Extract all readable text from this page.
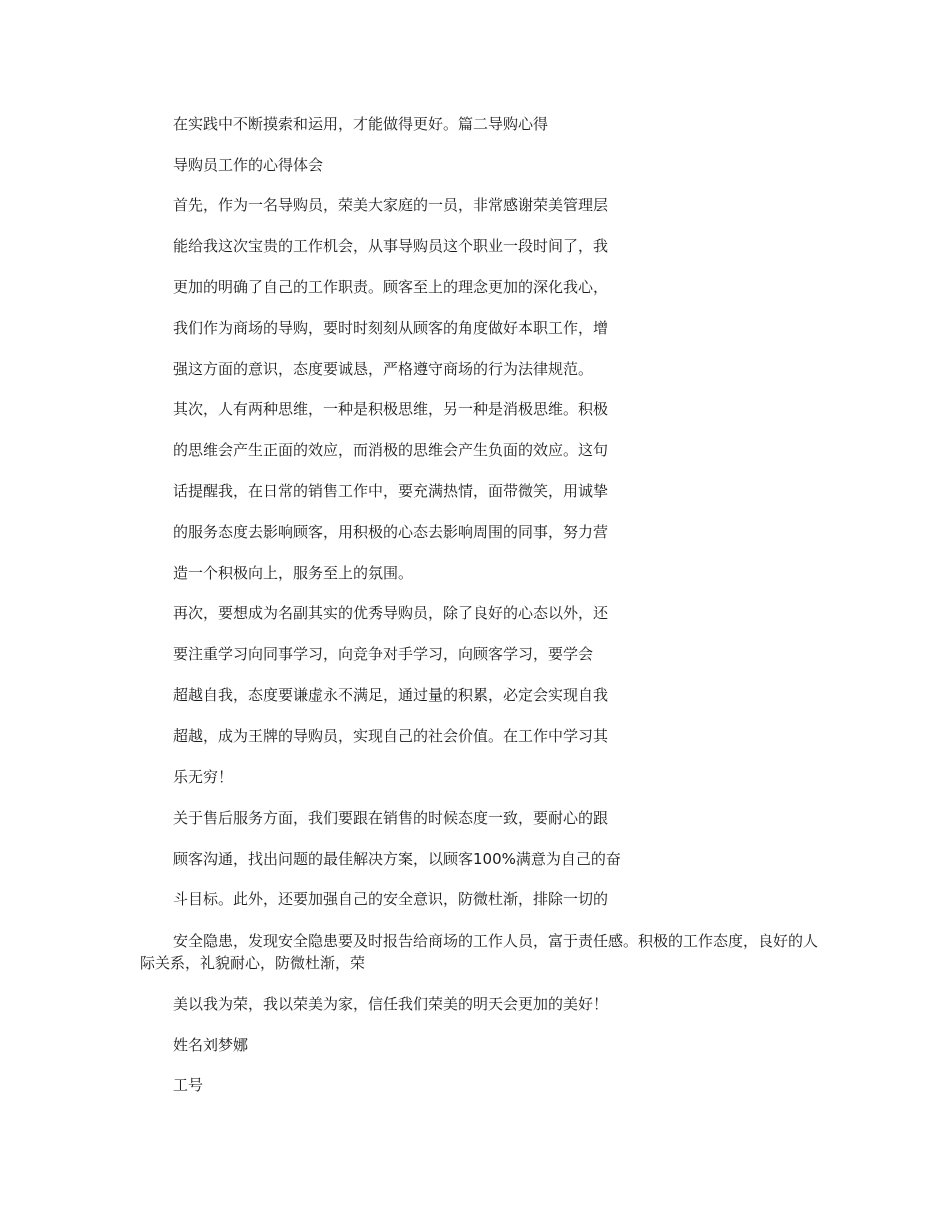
在实践中不断摸索和运用，才能做得更好。篇二导购心得
导购员工作的心得体会
首先，作为一名导购员，荣美大家庭的一员，非常感谢荣美管理层
能给我这次宝贵的工作机会，从事导购员这个职业一段时间了，我
更加的明确了自己的工作职责。顾客至上的理念更加的深化我心，
我们作为商场的导购，要时时刻刻从顾客的角度做好本职工作，增
强这方面的意识，态度要诚恳，严格遵守商场的行为法律规范。
其次，人有两种思维，一种是积极思维，另一种是消极思维。积极
的思维会产生正面的效应，而消极的思维会产生负面的效应。这句
话提醒我，在日常的销售工作中，要充满热情，面带微笑，用诚挚
的服务态度去影响顾客，用积极的心态去影响周围的同事，努力营
造一个积极向上，服务至上的氛围。
再次，要想成为名副其实的优秀导购员，除了良好的心态以外，还
要注重学习向同事学习，向竞争对手学习，向顾客学习，要学会
超越自我，态度要谦虚永不满足，通过量的积累，必定会实现自我
超越，成为王牌的导购员，实现自己的社会价值。在工作中学习其
乐无穷！
关于售后服务方面，我们要跟在销售的时候态度一致，要耐心的跟
顾客沟通，找出问题的最佳解决方案，以顾客100%满意为自己的奋
斗目标。此外，还要加强自己的安全意识，防微杜渐，排除一切的
安全隐患，发现安全隐患要及时报告给商场的工作人员，富于责任感。积极的工作态度，良好的人际关系，礼貌耐心，防微杜渐，荣
美以我为荣，我以荣美为家，信任我们荣美的明天会更加的美好！
姓名刘梦娜
工号
